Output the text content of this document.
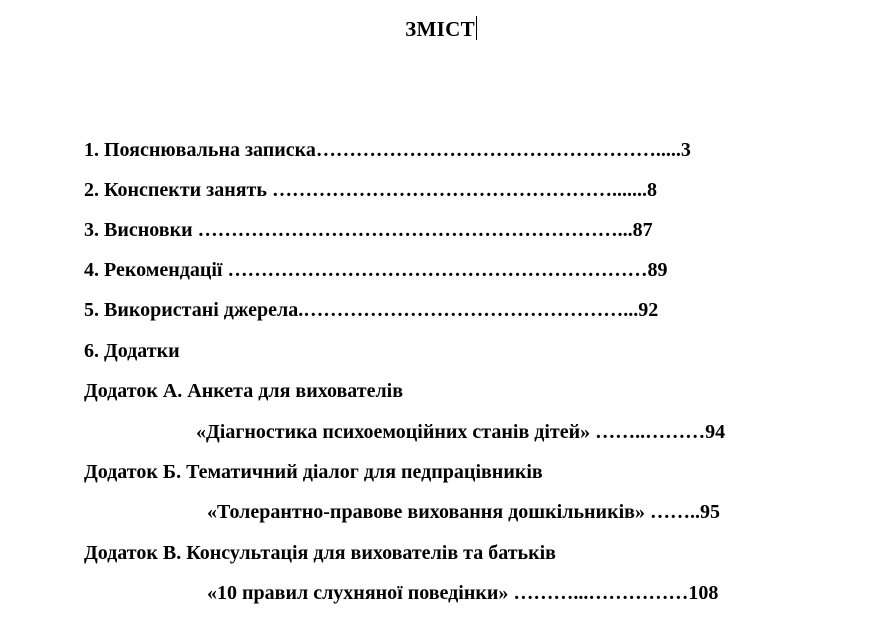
ЗМІСТ
1. Пояснювальна записка…………………………………………….....3
2. Конспекти занять …………………………………………….......8
3. Висновки ………………………………………………………...87
4. Рекомендації ………………………………………………………89
5. Використані джерела.…………………………………………...92
6. Додатки
Додаток А. Анкета для вихователів
«Діагностика психоемоційних станів дітей» ……..………94
Додаток Б. Тематичний діалог для педпрацівників
«Толерантно-правове виховання дошкільників» ……..95
Додаток В. Консультація для вихователів та батьків
«10 правил слухняної поведінки» ………...……………108
